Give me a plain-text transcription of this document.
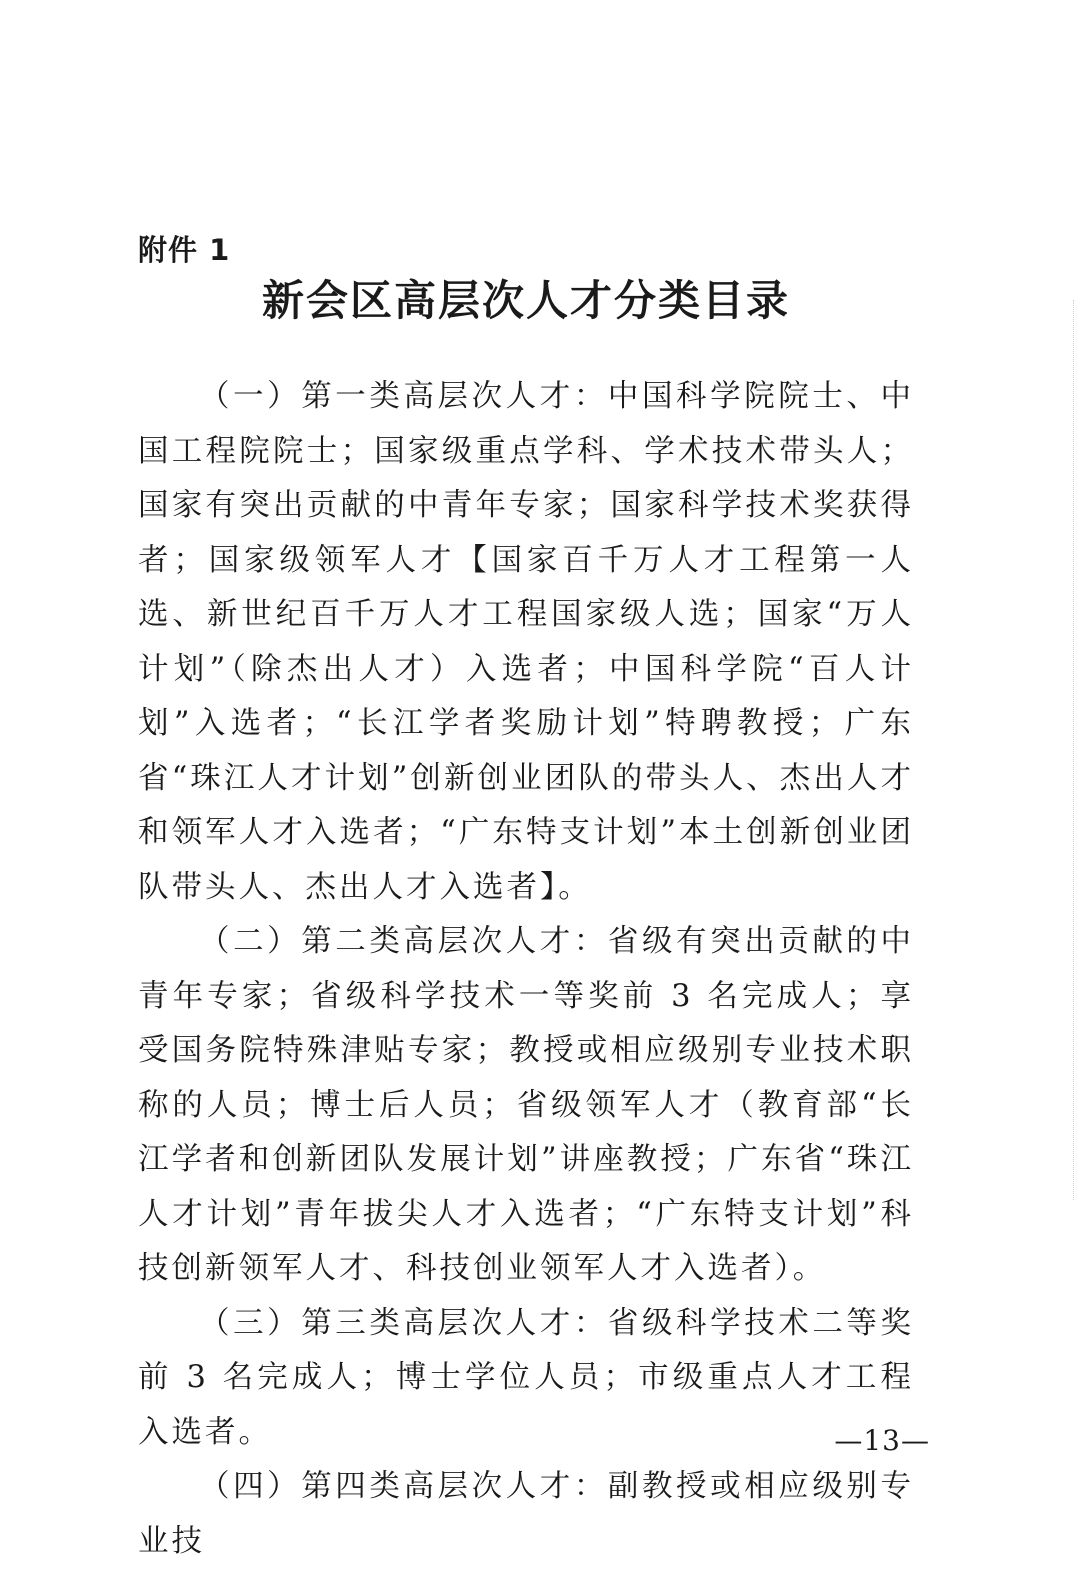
附件 1
新会区高层次人才分类目录

（一）第一类高层次人才：中国科学院院士、中国工程院院士；国家级重点学科、学术技术带头人；国家有突出贡献的中青年专家；国家科学技术奖获得者；国家级领军人才【国家百千万人才工程第一人选、新世纪百千万人才工程国家级人选；国家“万人计划”（除杰出人才）入选者；中国科学院“百人计划”入选者；“长江学者奖励计划”特聘教授；广东省“珠江人才计划”创新创业团队的带头人、杰出人才和领军人才入选者；“广东特支计划”本土创新创业团队带头人、杰出人才入选者】。

（二）第二类高层次人才：省级有突出贡献的中青年专家；省级科学技术一等奖前 3 名完成人；享受国务院特殊津贴专家；教授或相应级别专业技术职称的人员；博士后人员；省级领军人才（教育部“长江学者和创新团队发展计划”讲座教授；广东省“珠江人才计划”青年拔尖人才入选者；“广东特支计划”科技创新领军人才、科技创业领军人才入选者）。

（三）第三类高层次人才：省级科学技术二等奖前 3 名完成人；博士学位人员；市级重点人才工程入选者。

（四）第四类高层次人才：副教授或相应级别专业技

—13—
